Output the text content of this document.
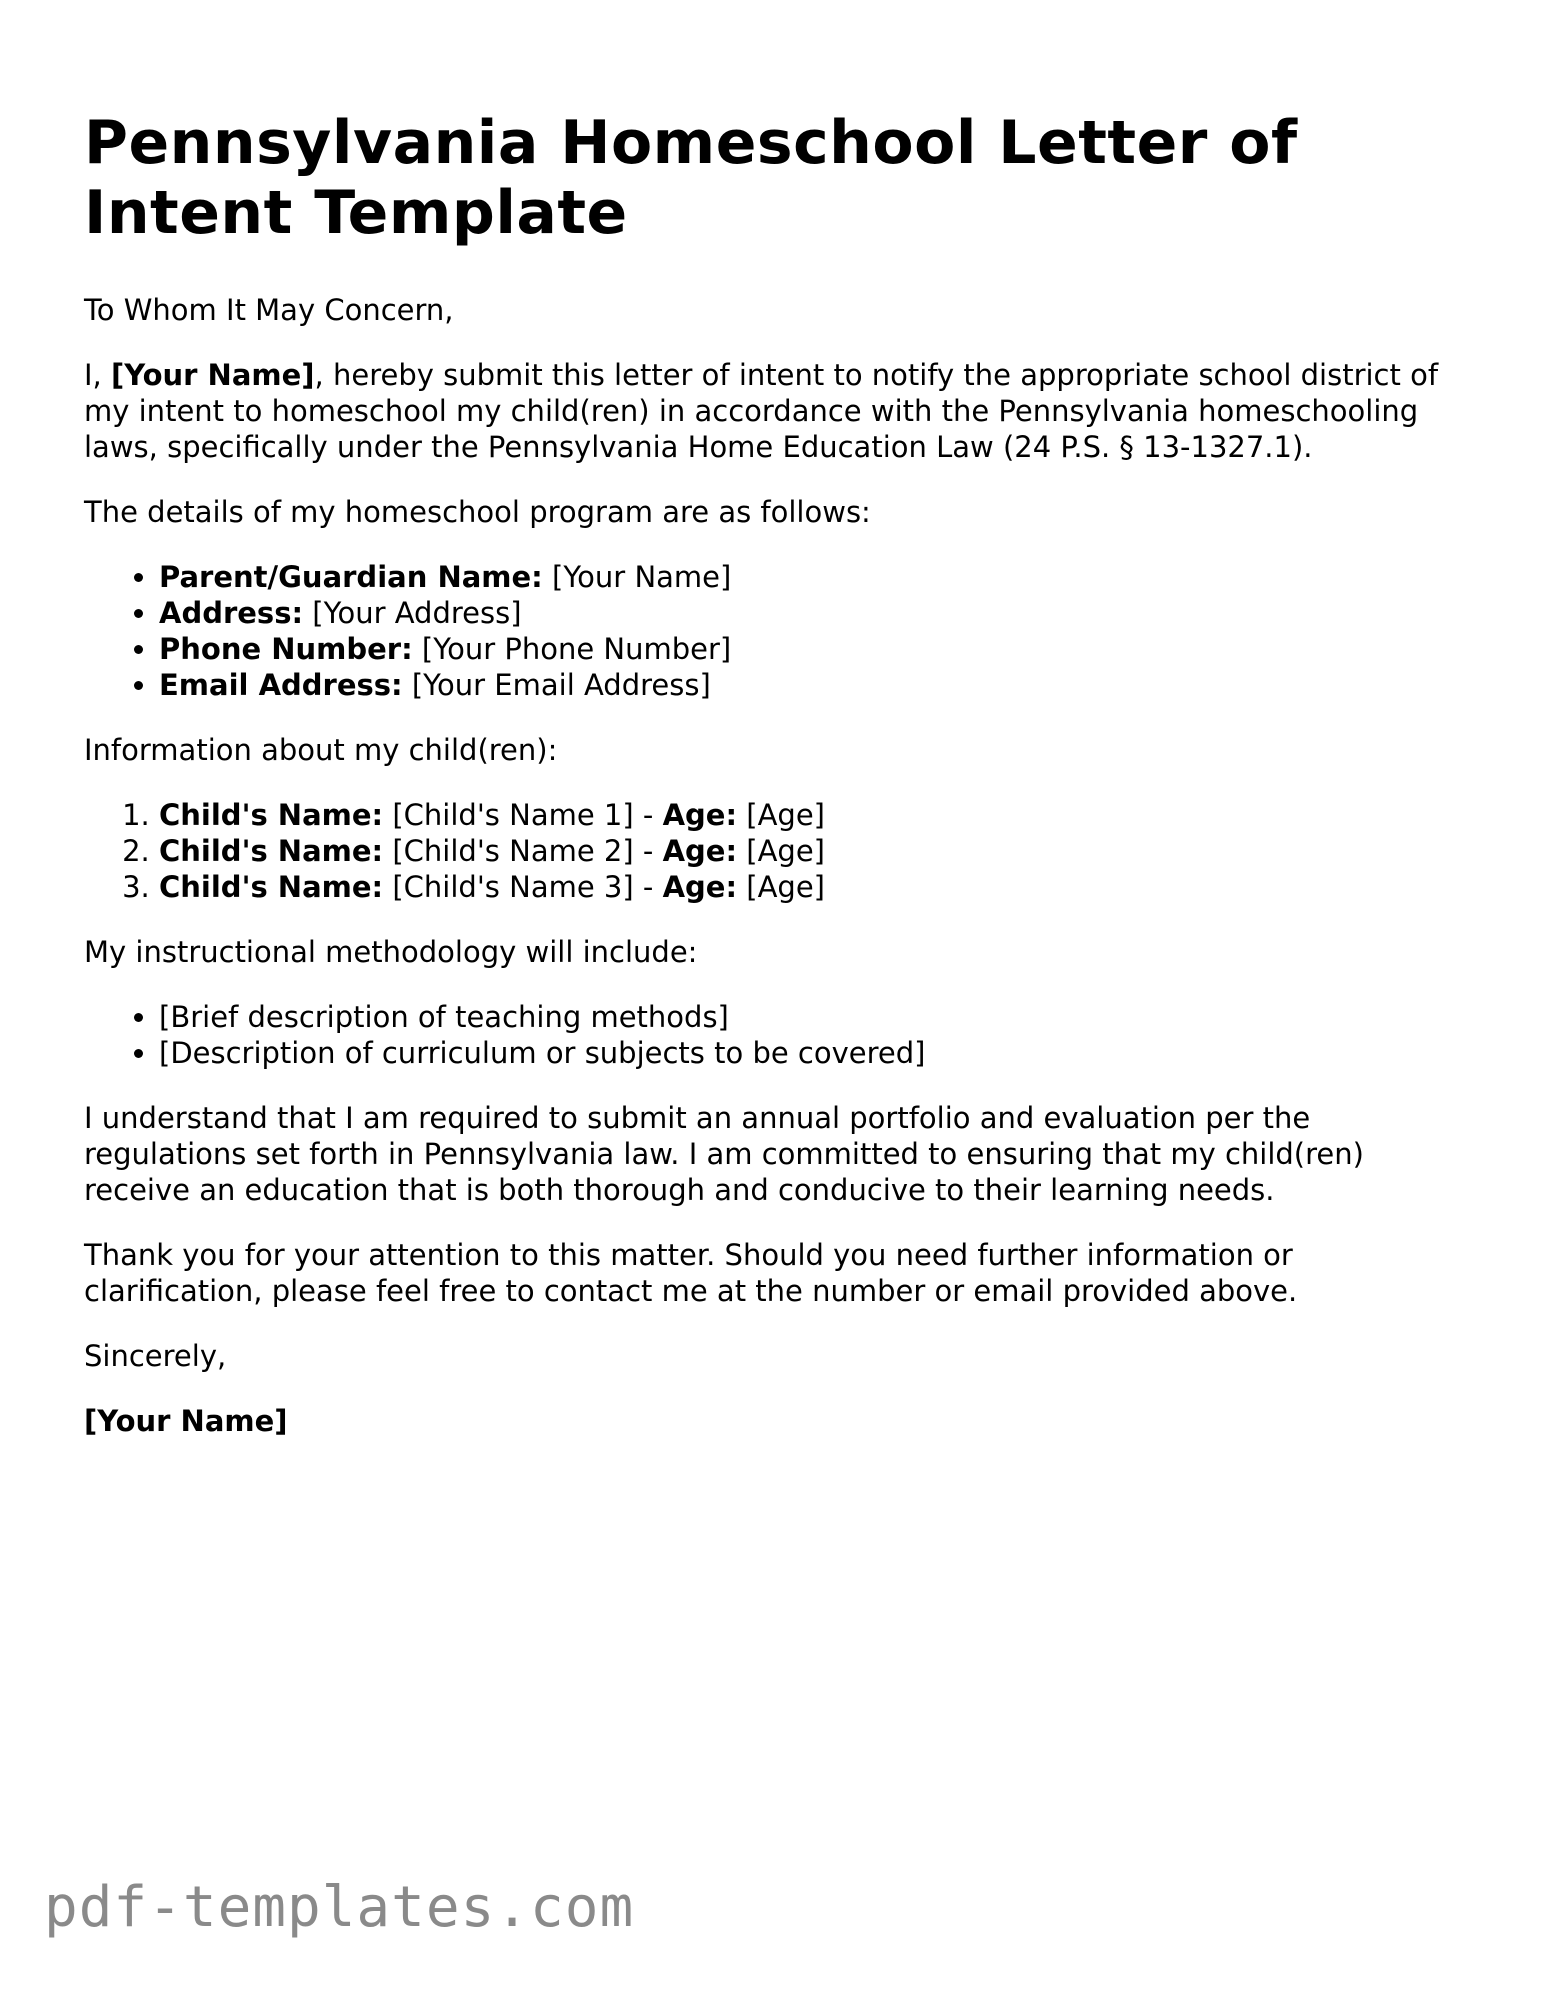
Pennsylvania Homeschool Letter of Intent Template

To Whom It May Concern,

I, [Your Name], hereby submit this letter of intent to notify the appropriate school district of my intent to homeschool my child(ren) in accordance with the Pennsylvania homeschooling laws, specifically under the Pennsylvania Home Education Law (24 P.S. § 13-1327.1).

The details of my homeschool program are as follows:

• Parent/Guardian Name: [Your Name]
• Address: [Your Address]
• Phone Number: [Your Phone Number]
• Email Address: [Your Email Address]

Information about my child(ren):

1. Child's Name: [Child's Name 1] - Age: [Age]
2. Child's Name: [Child's Name 2] - Age: [Age]
3. Child's Name: [Child's Name 3] - Age: [Age]

My instructional methodology will include:

• [Brief description of teaching methods]
• [Description of curriculum or subjects to be covered]

I understand that I am required to submit an annual portfolio and evaluation per the regulations set forth in Pennsylvania law. I am committed to ensuring that my child(ren) receive an education that is both thorough and conducive to their learning needs.

Thank you for your attention to this matter. Should you need further information or clarification, please feel free to contact me at the number or email provided above.

Sincerely,

[Your Name]

pdf-templates.com
